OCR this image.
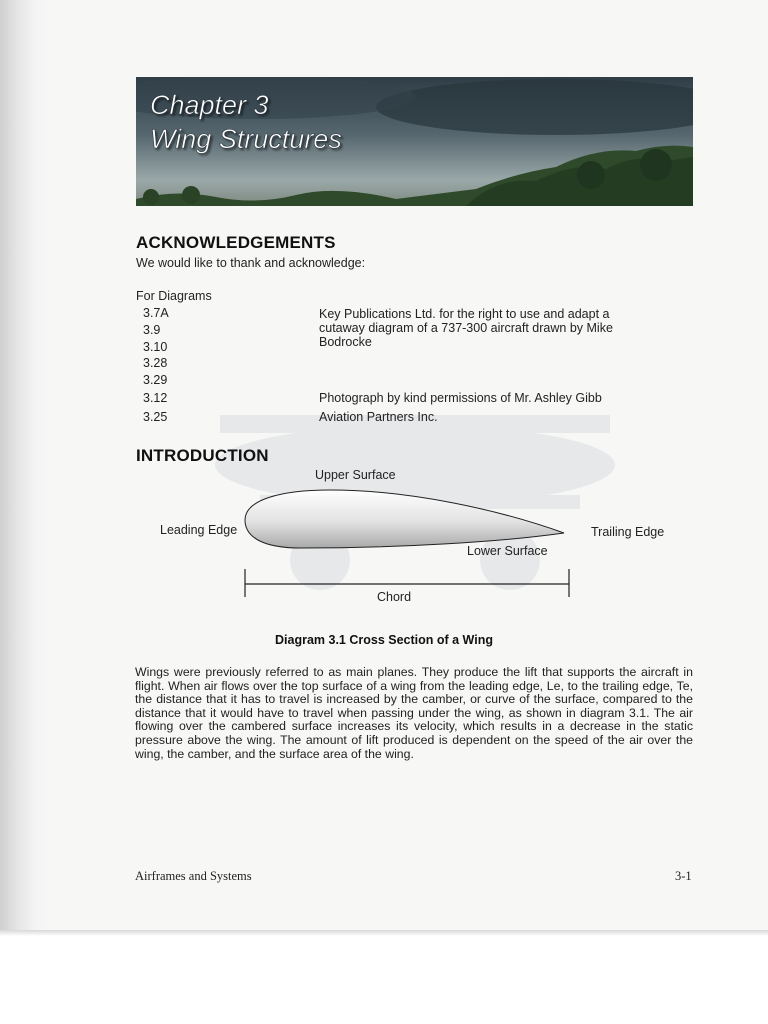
Chapter 3
Wing Structures
ACKNOWLEDGEMENTS
We would like to thank and acknowledge:
For Diagrams
3.7A
3.9
3.10
3.28
3.29
3.12
3.25
Key Publications Ltd. for the right to use and adapt a cutaway diagram of a 737-300 aircraft drawn by Mike Bodrocke
Photograph by kind permissions of Mr. Ashley Gibb
Aviation Partners Inc.
INTRODUCTION
Upper Surface
Leading Edge	Trailing Edge
Lower Surface
Chord
Diagram 3.1 Cross Section of a Wing

Wings were previously referred to as main planes. They produce the lift that supports the aircraft in flight. When air flows over the top surface of a wing from the leading edge, Le, to the trailing edge, Te, the distance that it has to travel is increased by the camber, or curve of the surface, compared to the distance that it would have to travel when passing under the wing, as shown in diagram 3.1. The air flowing over the cambered surface increases its velocity, which results in a decrease in the static pressure above the wing. The amount of lift produced is dependent on the speed of the air over the wing, the camber, and the surface area of the wing.

Airframes and Systems	3-1
